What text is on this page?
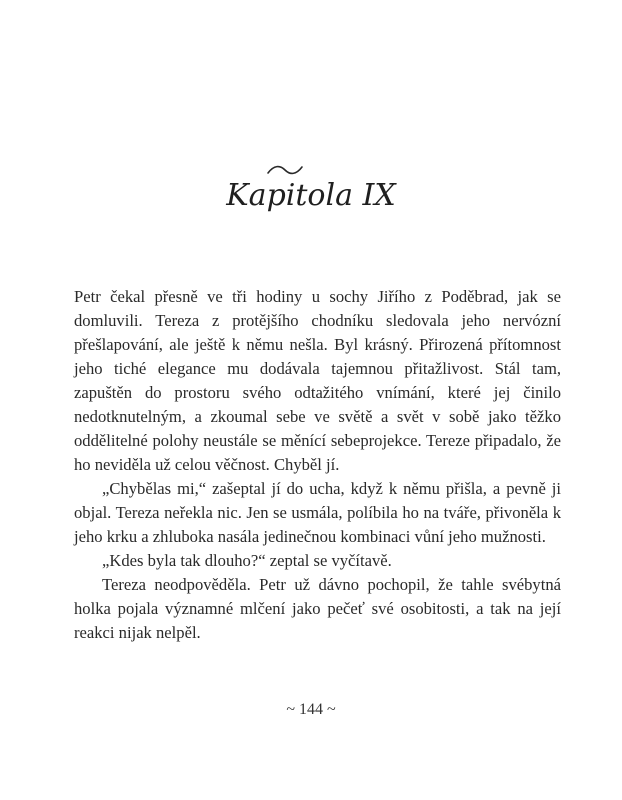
Kapitola IX

Petr čekal přesně ve tři hodiny u sochy Jiřího z Poděbrad, jak se domluvili. Tereza z protějšího chodníku sledovala jeho nervózní přešlapování, ale ještě k němu nešla. Byl krásný. Přirozená přítomnost jeho tiché elegance mu dodávala tajemnou přitažlivost. Stál tam, zapuštěn do prostoru svého odtažitého vnímání, které jej činilo nedotknutelným, a zkoumal sebe ve světě a svět v sobě jako těžko oddělitelné polohy neustále se měnící sebeprojekce. Tereze připadalo, že ho neviděla už celou věčnost. Chyběl jí.

„Chybělas mi,“ zašeptal jí do ucha, když k němu přišla, a pevně ji objal. Tereza neřekla nic. Jen se usmála, políbila ho na tváře, přivoněla k jeho krku a zhluboka nasála jedinečnou kombinaci vůní jeho mužnosti.

„Kdes byla tak dlouho?“ zeptal se vyčítavě.

Tereza neodpověděla. Petr už dávno pochopil, že tahle svébytná holka pojala významné mlčení jako pečeť své osobitosti, a tak na její reakci nijak nelpěl.

~ 144 ~
